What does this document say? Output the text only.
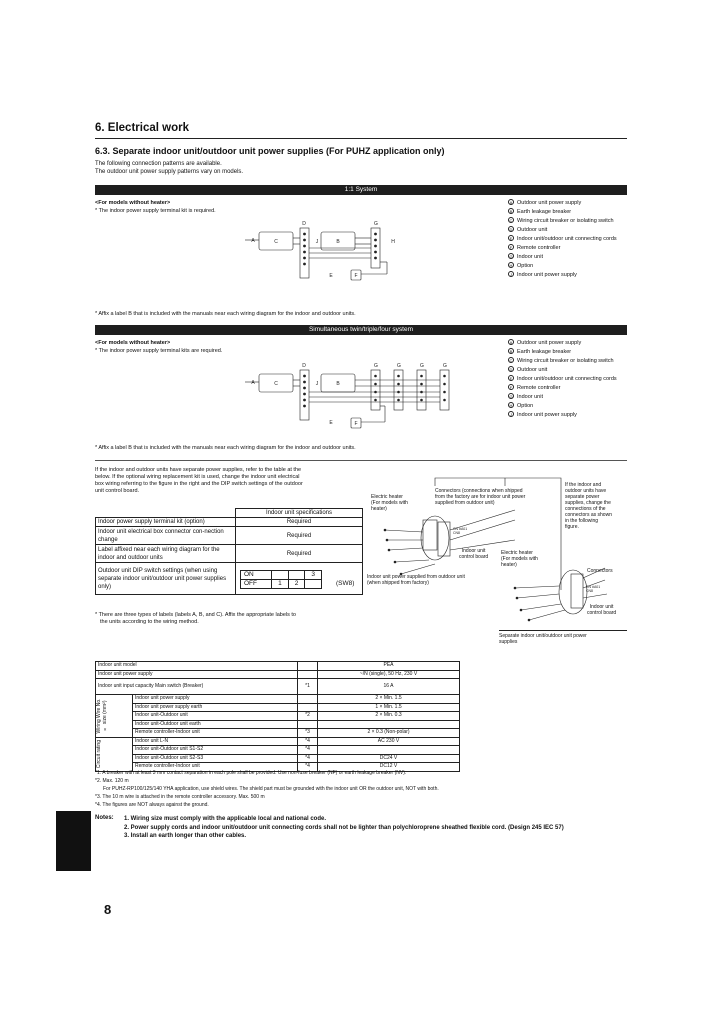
6. Electrical work
6.3. Separate indoor unit/outdoor unit power supplies (For PUHZ application only)
The following connection patterns are available.
The outdoor unit power supply patterns vary on models.
1:1 System
<For models without heater>
* The indoor power supply terminal kit is required.
A Outdoor unit power supply
B Earth leakage breaker
C Wiring circuit breaker or isolating switch
D Outdoor unit
E Indoor unit/outdoor unit connecting cords
F Remote controller
G Indoor unit
H Option
J Indoor unit power supply
A	C
D
J	B
G
H
E	F
* Affix a label B that is included with the manuals near each wiring diagram for the indoor and outdoor units.
Simultaneous twin/triple/four system
<For models without heater>
* The indoor power supply terminal kits are required.
A Outdoor unit power supply
B Earth leakage breaker
C Wiring circuit breaker or isolating switch
D Outdoor unit
E Indoor unit/outdoor unit connecting cords
F Remote controller
G Indoor unit
H Option
J Indoor unit power supply
A	C
D
J	B
G	G	G	G
E	F
* Affix a label B that is included with the manuals near each wiring diagram for the indoor and outdoor units.
If the indoor and outdoor units have separate power supplies, refer to the table at the
below. If the optional wiring replacement kit is used, change the indoor unit electrical
box wiring referring to the figure in the right and the DIP switch settings of the outdoor
unit control board.
	Indoor unit specifications
Indoor power supply terminal kit (option)	Required
Indoor unit electrical box connector con-nection change	Required
Label affixed near each wiring diagram for the indoor and outdoor units	Required
Outdoor unit DIP switch settings (when using separate indoor unit/outdoor unit power supplies only)	
ON			3
OFF	1	2		(SW8)
* There are three types of labels (labels A, B, and C). Affix the appropriate labels to
the units according to the wiring method.
CN #A01
CN8
CN #A01
CN8
Electric heater
(For models with
heater)
Connectors (connections when shipped
from the factory are for indoor unit power
supplied from outdoor unit)
Indoor unit
control board
Indoor unit power supplied from outdoor unit
(when shipped from factory)
Electric heater
(For models with
heater)
Connectors
Indoor unit
control board
Separate indoor unit/outdoor unit power
supplies
If the indoor and
outdoor units have
separate power
supplies, change the
connections of the
connectors as shown
in the following
figure.
Indoor unit model			PEA
Indoor unit power supply			~/N (single), 50 Hz, 230 V
Indoor unit input capacity Main switch (Breaker)		*1	16 A

Wiring Wire No. × size (mm²)	Indoor unit power supply		2 × Min. 1.5
	Indoor unit power supply earth		1 × Min. 1.5
	Indoor unit-Outdoor unit	*2	2 × Min. 0.3
	Indoor unit-Outdoor unit earth		
	Remote controller-Indoor unit	*3	2 × 0.3 (Non-polar)

Circuit rating	Indoor unit L-N	*4	AC 230 V
	Indoor unit-Outdoor unit S1-S2	*4	
	Indoor unit-Outdoor unit S2-S3	*4	DC24 V
	Remote controller-Indoor unit	*4	DC12 V
*1. A breaker with at least 3 mm contact separation in each pole shall be provided. Use non-fuse breaker (NF) or earth leakage breaker (NV).
*2. Max. 120 m
For PUHZ-RP100/125/140 YHA application, use shield wires. The shield part must be grounded with the indoor unit OR the outdoor unit, NOT with both.
*3. The 10 m wire is attached in the remote controller accessory. Max. 500 m
*4. The figures are NOT always against the ground.
Notes: 1. Wiring size must comply with the applicable local and national code.
2. Power supply cords and indoor unit/outdoor unit connecting cords shall not be lighter than polychloroprene sheathed flexible cord. (Design 245 IEC 57)
3. Install an earth longer than other cables.
8
